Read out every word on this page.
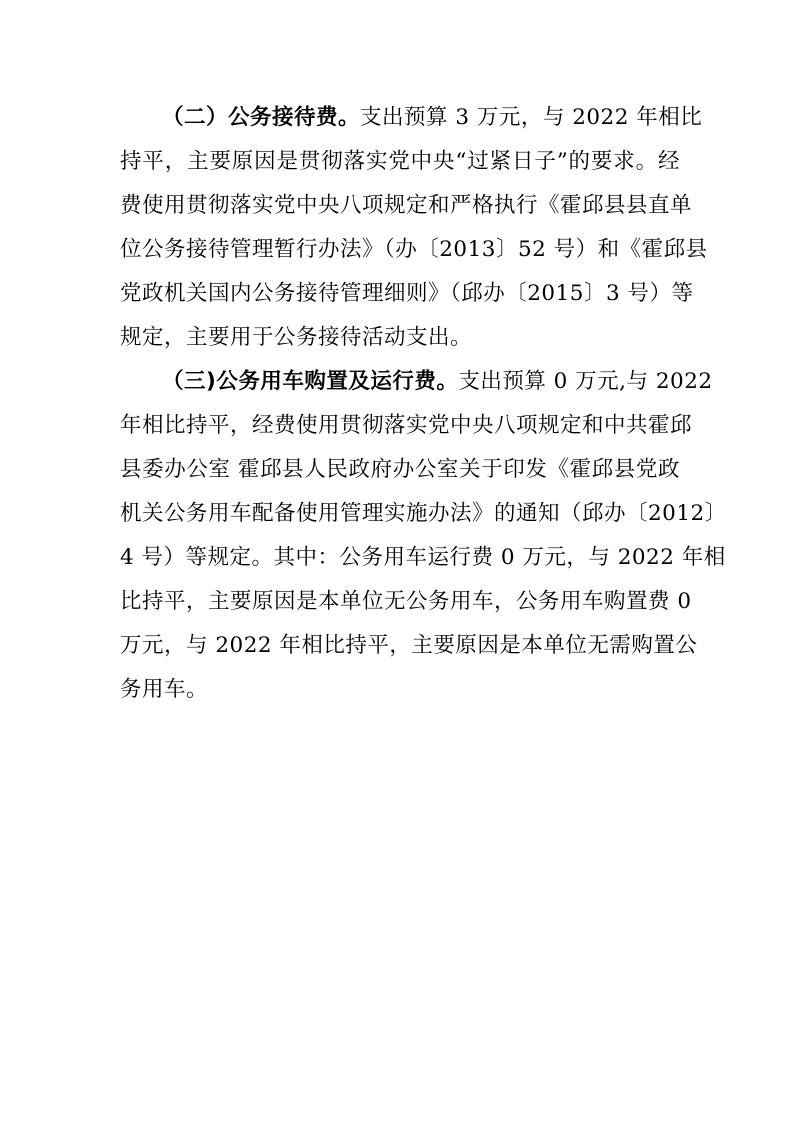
（二）公务接待费。支出预算 3 万元，与 2022 年相比
持平，主要原因是贯彻落实党中央“过紧日子”的要求。经
费使用贯彻落实党中央八项规定和严格执行《霍邱县县直单
位公务接待管理暂行办法》（办〔2013〕52 号）和《霍邱县
党政机关国内公务接待管理细则》（邱办〔2015〕3 号）等
规定，主要用于公务接待活动支出。
（三)公务用车购置及运行费。支出预算 0 万元,与 2022
年相比持平，经费使用贯彻落实党中央八项规定和中共霍邱
县委办公室 霍邱县人民政府办公室关于印发《霍邱县党政
机关公务用车配备使用管理实施办法》的通知（邱办〔2012〕
4 号）等规定。其中：公务用车运行费 0 万元，与 2022 年相
比持平，主要原因是本单位无公务用车，公务用车购置费 0
万元，与 2022 年相比持平，主要原因是本单位无需购置公
务用车。
